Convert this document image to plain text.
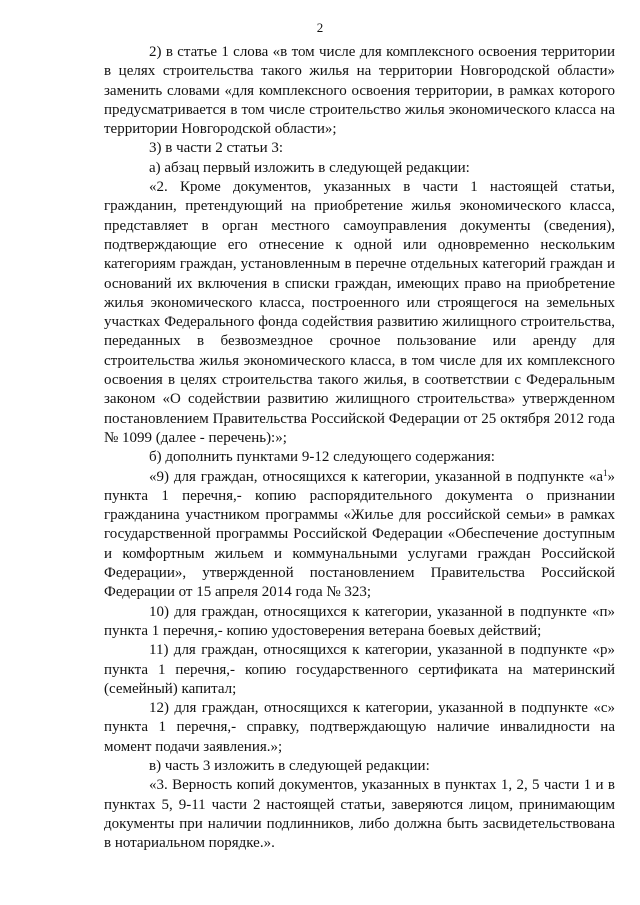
2

2) в статье 1 слова «в том числе для комплексного освоения территории в целях строительства такого жилья на территории Новгородской области» заменить словами «для комплексного освоения территории, в рамках которого предусматривается в том числе строительство жилья экономического класса на территории Новгородской области»;

3) в части 2 статьи 3:

а) абзац первый изложить в следующей редакции:

«2. Кроме документов, указанных в части 1 настоящей статьи, гражданин, претендующий на приобретение жилья экономического класса, представляет в орган местного самоуправления документы (сведения), подтверждающие его отнесение к одной или одновременно нескольким категориям граждан, установленным в перечне отдельных категорий граждан и оснований их включения в списки граждан, имеющих право на приобретение жилья экономического класса, построенного или строящегося на земельных участках Федерального фонда содействия развитию жилищного строительства, переданных в безвозмездное срочное пользование или аренду для строительства жилья экономического класса, в том числе для их комплексного освоения в целях строительства такого жилья, в соответствии с Федеральным законом «О содействии развитию жилищного строительства» утвержденном постановлением Правительства Российской Федерации от 25 октября 2012 года № 1099 (далее - перечень):»;

б) дополнить пунктами 9-12 следующего содержания:

«9) для граждан, относящихся к категории, указанной в подпункте «$а^1$» пункта 1 перечня,- копию распорядительного документа о признании гражданина участником программы «Жилье для российской семьи» в рамках государственной программы Российской Федерации «Обеспечение доступным и комфортным жильем и коммунальными услугами граждан Российской Федерации», утвержденной постановлением Правительства Российской Федерации от 15 апреля 2014 года № 323;

10) для граждан, относящихся к категории, указанной в подпункте «п» пункта 1 перечня,- копию удостоверения ветерана боевых действий;

11) для граждан, относящихся к категории, указанной в подпункте «р» пункта 1 перечня,- копию государственного сертификата на материнский (семейный) капитал;

12) для граждан, относящихся к категории, указанной в подпункте «с» пункта 1 перечня,- справку, подтверждающую наличие инвалидности на момент подачи заявления.»;

в) часть 3 изложить в следующей редакции:

«3. Верность копий документов, указанных в пунктах 1, 2, 5 части 1 и в пунктах 5, 9-11 части 2 настоящей статьи, заверяются лицом, принимающим документы при наличии подлинников, либо должна быть засвидетельствована в нотариальном порядке.».
